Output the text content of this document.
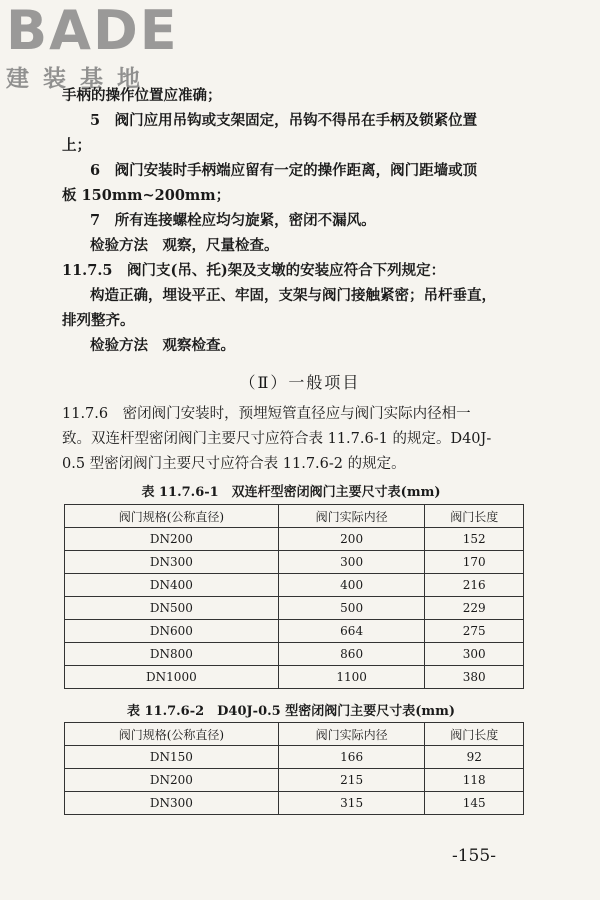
BADE
建装基地
手柄的操作位置应准确；
5　阀门应用吊钩或支架固定，吊钩不得吊在手柄及锁紧位置
上；
6　阀门安装时手柄端应留有一定的操作距离，阀门距墙或顶
板 150mm~200mm；
7　所有连接螺栓应均匀旋紧，密闭不漏风。
检验方法　观察，尺量检查。
11.7.5　阀门支(吊、托)架及支墩的安装应符合下列规定：
构造正确，埋设平正、牢固，支架与阀门接触紧密；吊杆垂直，
排列整齐。
检验方法　观察检查。
（Ⅱ）一般项目
11.7.6　密闭阀门安装时，预埋短管直径应与阀门实际内径相一
致。双连杆型密闭阀门主要尺寸应符合表 11.7.6-1 的规定。D40J-
0.5 型密闭阀门主要尺寸应符合表 11.7.6-2 的规定。
表 11.7.6-1　双连杆型密闭阀门主要尺寸表(mm)
阀门规格(公称直径)	阀门实际内径	阀门长度
DN200	200	152
DN300	300	170
DN400	400	216
DN500	500	229
DN600	664	275
DN800	860	300
DN1000	1100	380
表 11.7.6-2　D40J-0.5 型密闭阀门主要尺寸表(mm)
阀门规格(公称直径)	阀门实际内径	阀门长度
DN150	166	92
DN200	215	118
DN300	315	145
-155-
